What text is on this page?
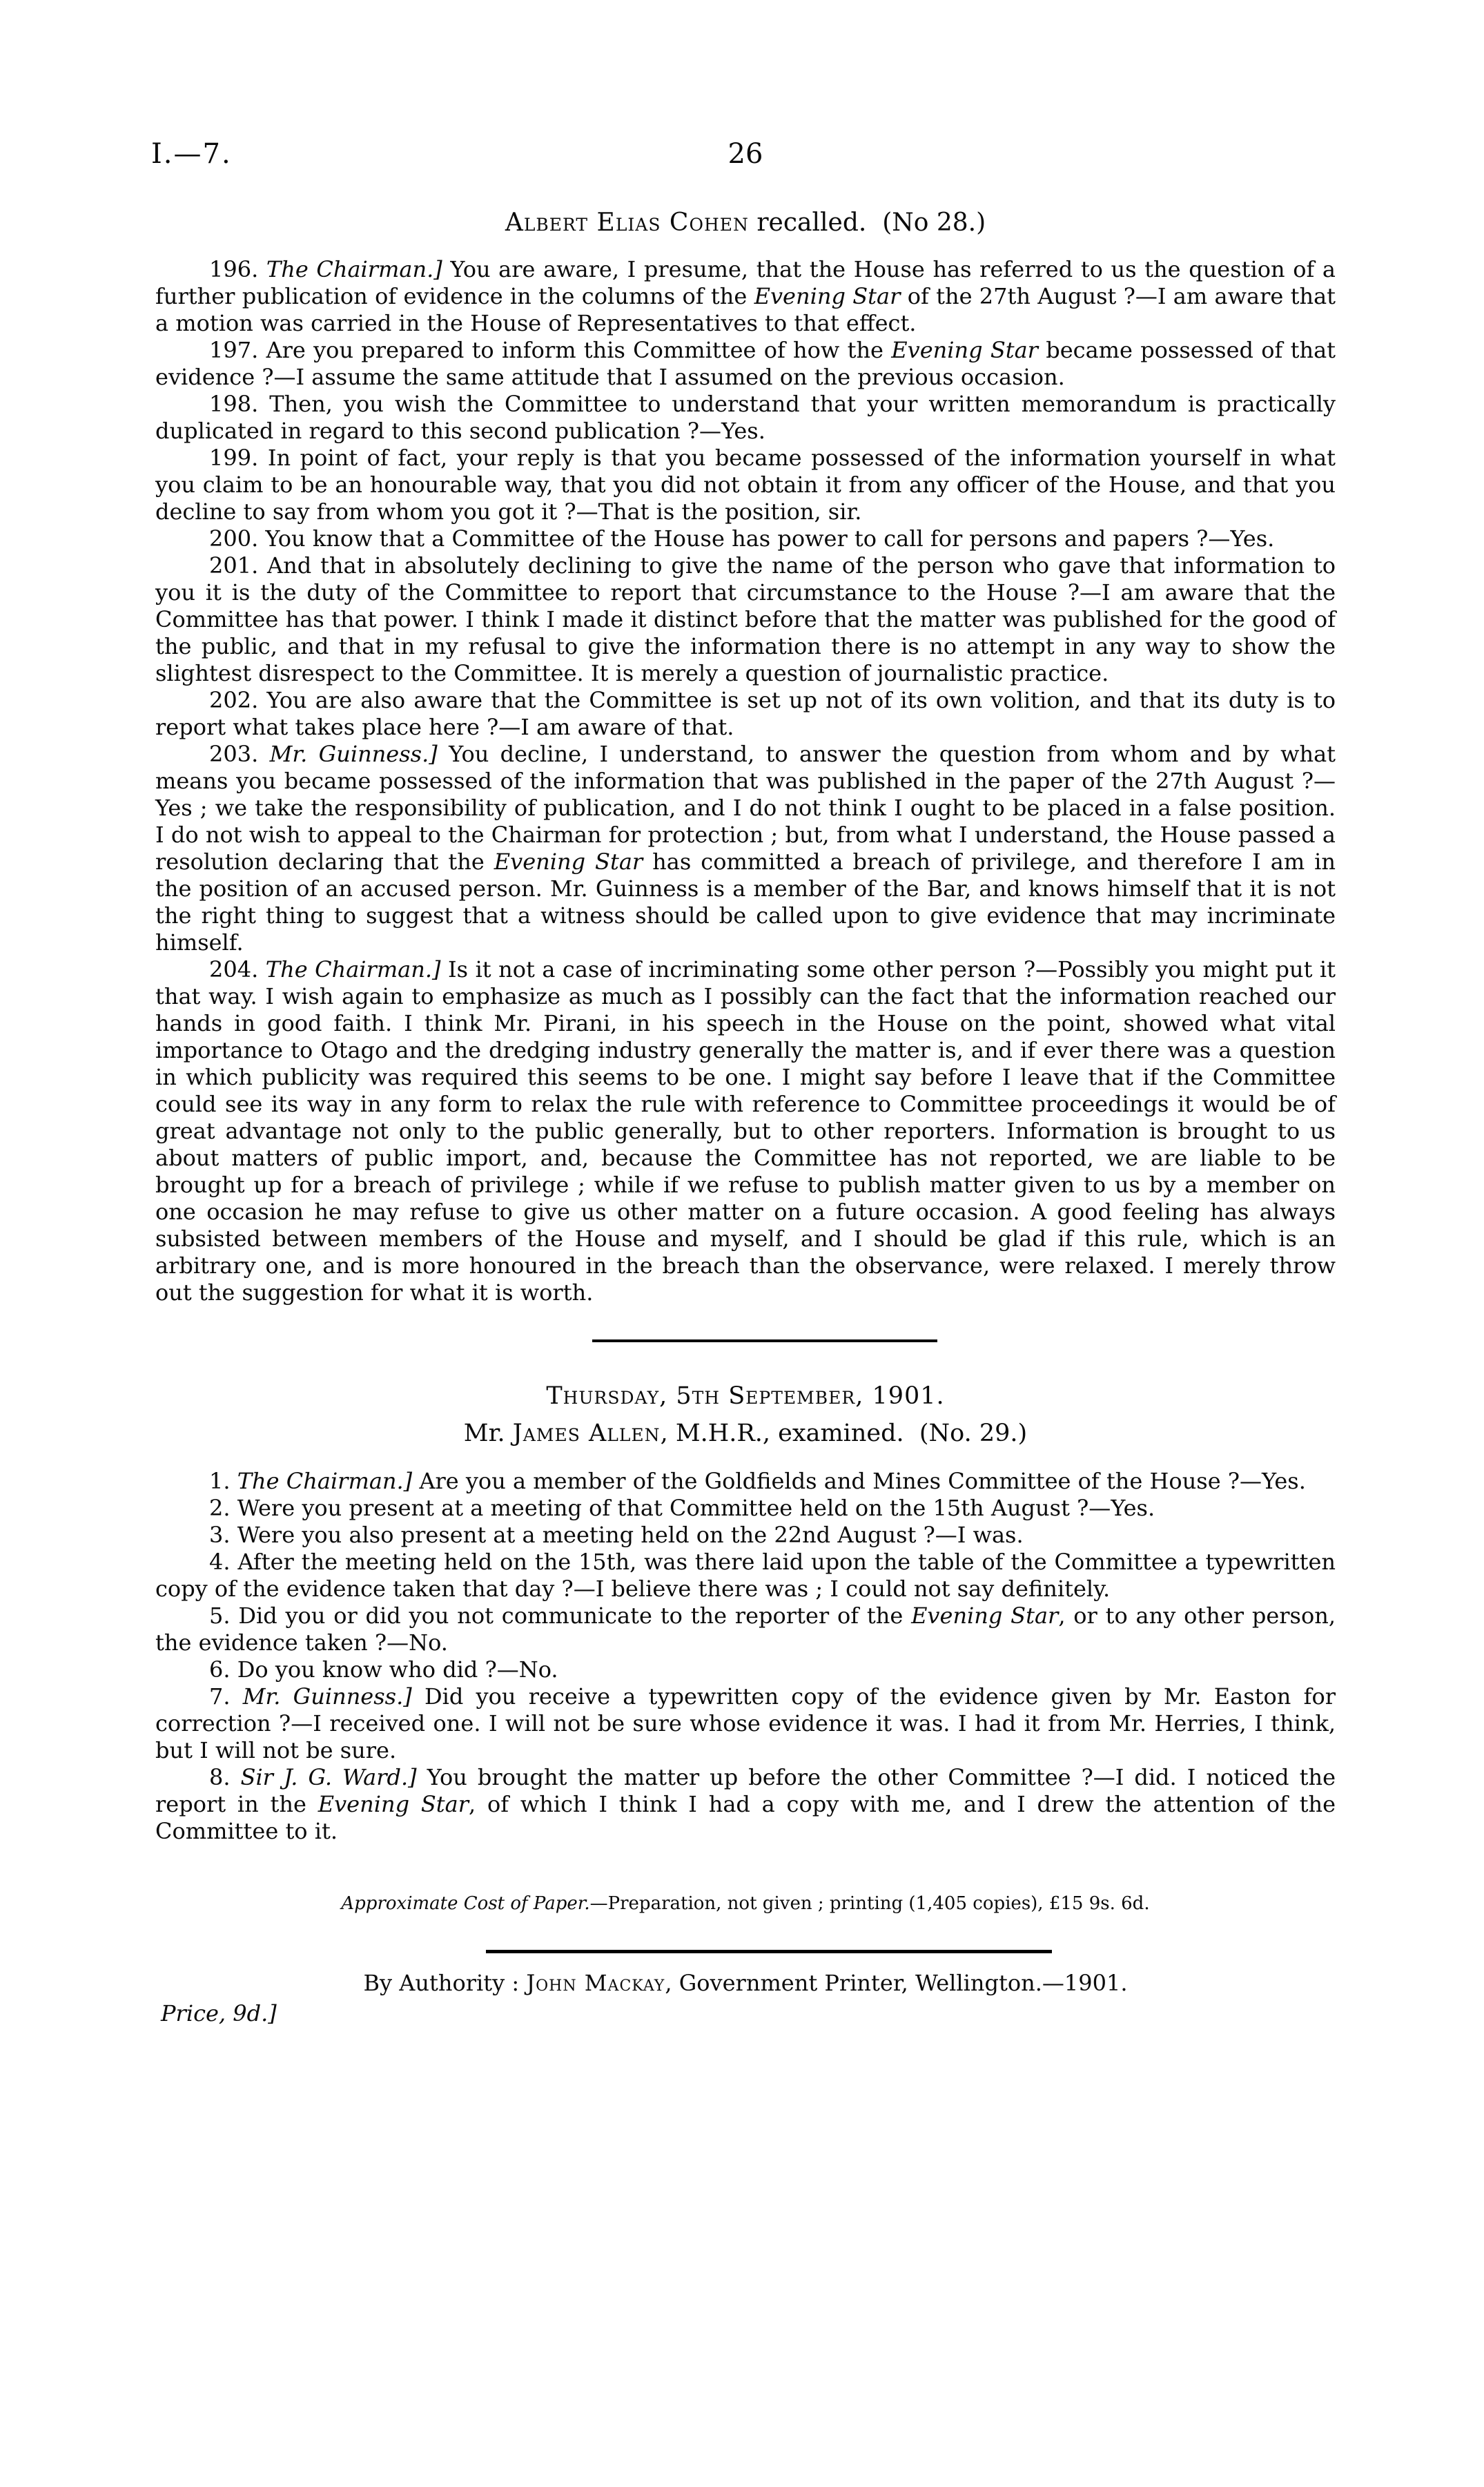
I.—7.	26
Albert Elias Cohen recalled.  (No 28.)

196. The Chairman.] You are aware, I presume, that the House has referred to us the question of a further publication of evidence in the columns of the Evening Star of the 27th August ?—I am aware that a motion was carried in the House of Representatives to that effect.

197. Are you prepared to inform this Committee of how the Evening Star became possessed of that evidence ?—I assume the same attitude that I assumed on the previous occasion.

198. Then, you wish the Committee to understand that your written memorandum is practically duplicated in regard to this second publication ?—Yes.

199. In point of fact, your reply is that you became possessed of the information yourself in what you claim to be an honourable way, that you did not obtain it from any officer of the House, and that you decline to say from whom you got it ?—That is the position, sir.

200. You know that a Committee of the House has power to call for persons and papers ?—Yes.

201. And that in absolutely declining to give the name of the person who gave that information to you it is the duty of the Committee to report that circumstance to the House ?—I am aware that the Committee has that power. I think I made it distinct before that the matter was published for the good of the public, and that in my refusal to give the information there is no attempt in any way to show the slightest disrespect to the Committee. It is merely a question of journalistic practice.

202. You are also aware that the Committee is set up not of its own volition, and that its duty is to report what takes place here ?—I am aware of that.

203. Mr. Guinness.] You decline, I understand, to answer the question from whom and by what means you became possessed of the information that was published in the paper of the 27th August ?—Yes ; we take the responsibility of publication, and I do not think I ought to be placed in a false position. I do not wish to appeal to the Chairman for protection ; but, from what I understand, the House passed a resolution declaring that the Evening Star has committed a breach of privilege, and therefore I am in the position of an accused person. Mr. Guinness is a member of the Bar, and knows himself that it is not the right thing to suggest that a witness should be called upon to give evidence that may incriminate himself.

204. The Chairman.] Is it not a case of incriminating some other person ?—Possibly you might put it that way. I wish again to emphasize as much as I possibly can the fact that the information reached our hands in good faith. I think Mr. Pirani, in his speech in the House on the point, showed what vital importance to Otago and the dredging industry generally the matter is, and if ever there was a question in which publicity was required this seems to be one. I might say before I leave that if the Committee could see its way in any form to relax the rule with reference to Committee proceedings it would be of great advantage not only to the public generally, but to other reporters. Information is brought to us about matters of public import, and, because the Committee has not reported, we are liable to be brought up for a breach of privilege ; while if we refuse to publish matter given to us by a member on one occasion he may refuse to give us other matter on a future occasion. A good feeling has always subsisted between members of the House and myself, and I should be glad if this rule, which is an arbitrary one, and is more honoured in the breach than the observance, were relaxed. I merely throw out the suggestion for what it is worth.

Thursday, 5th September, 1901.
Mr. James Allen, M.H.R., examined.  (No. 29.)

1. The Chairman.] Are you a member of the Goldfields and Mines Committee of the House ?—Yes.

2. Were you present at a meeting of that Committee held on the 15th August ?—Yes.

3. Were you also present at a meeting held on the 22nd August ?—I was.

4. After the meeting held on the 15th, was there laid upon the table of the Committee a typewritten copy of the evidence taken that day ?—I believe there was ; I could not say definitely.

5. Did you or did you not communicate to the reporter of the Evening Star, or to any other person, the evidence taken ?—No.

6. Do you know who did ?—No.

7. Mr. Guinness.] Did you receive a typewritten copy of the evidence given by Mr. Easton for correction ?—I received one. I will not be sure whose evidence it was. I had it from Mr. Herries, I think, but I will not be sure.

8. Sir J. G. Ward.] You brought the matter up before the other Committee ?—I did. I noticed the report in the Evening Star, of which I think I had a copy with me, and I drew the attention of the Committee to it.

Approximate Cost of Paper.—Preparation, not given ; printing (1,405 copies), £15 9s. 6d.

By Authority : John Mackay, Government Printer, Wellington.—1901.

Price, 9d.]
